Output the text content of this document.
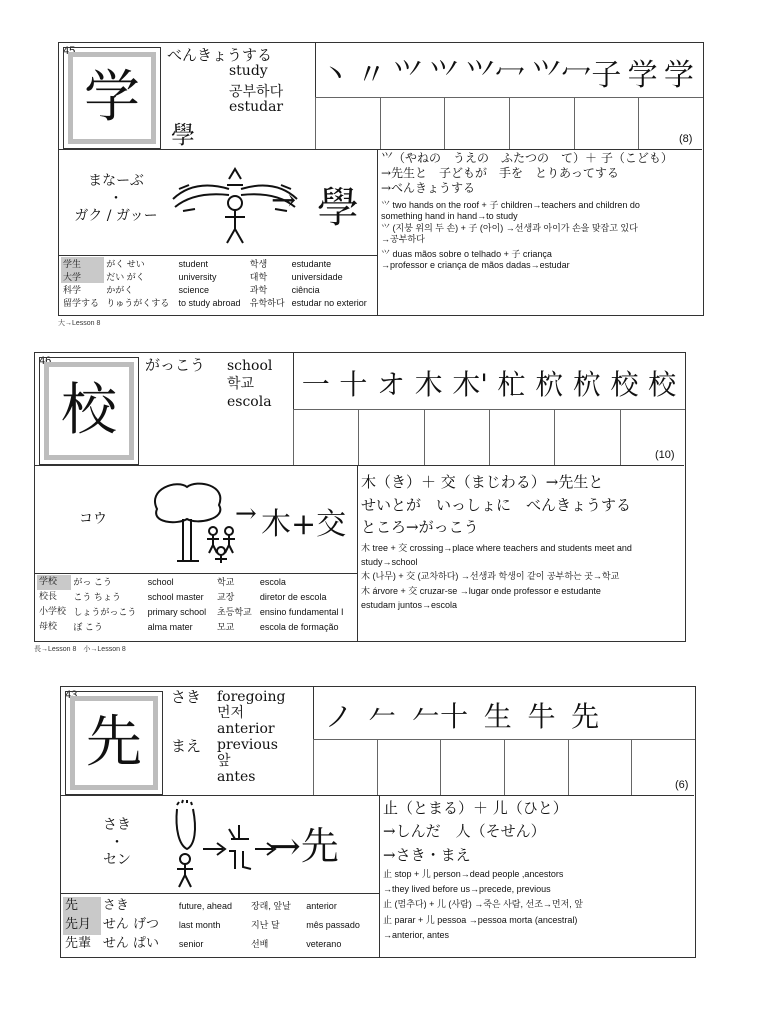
45
学
べんきょうする
study
공부하다
estudar
學
丶 〃 ⺍ 𭕄 ⺍冖 ⺍冖子 学 学
(8)
まなーぶ
・
ガク / ガッー	→ 學
⺍（やねの　うえの　ふたつの　て）＋ 子（こども）
→先生と　子どもが　手を　とりあってする
→べんきょうする
⺍ two hands on the roof + 子 children→teachers and children do
something hand in hand→to study
⺍ (지붕 위의 두 손) + 子 (아이) →선생과 아이가 손을 맞잡고 있다
→공부하다
⺍ duas mãos sobre o telhado + 子 criança
→professor e criança de mãos dadas→estudar
学生	がく せい	student	학생	estudante
大学	だい がく	university	대학	universidade
科学	かがく	science	과학	ciência
留学する	りゅうがくする	to study abroad	유학하다	estudar no exterior
大→Lesson 8
46
校
がっこう school
학교
escola
一 十 オ 木 木' 杧 柼 柼 校 校
(10)
コウ	→ 木+交
木（き）＋ 交（まじわる）→先生と
せいとが　いっしょに　べんきょうする
ところ→がっこう
木 tree + 交 crossing→place where teachers and students meet and
study→school
木 (나무) + 交 (교차하다) →선생과 학생이 같이 공부하는 곳→학교
木 árvore + 交 cruzar-se →lugar onde professor e estudante
estudam juntos→escola
学校	がっ こう	school	학교	escola
校長	こう ちょう	school master	교장	diretor de escola
小学校	しょうがっこう	primary school	초등학교	ensino fundamental I
母校	ぼ こう	alma mater	모교	escola de formação
長→Lesson 8　小→Lesson 8
43
先
さき
まえ
foregoing
먼저
anterior
previous
앞
antes
ノ 𠂉 𠂉十 生 牛 先
(6)
さき
・
セン	→先
止（とまる）＋ 儿（ひと）
→しんだ　人（そせん）
→さき・まえ
止 stop + 儿 person→dead people ,ancestors
→they lived before us→precede, previous
止 (멈추다) + 儿 (사람) →죽은 사람, 선조→먼저, 앞
止 parar + 儿 pessoa →pessoa morta (ancestral)
→anterior, antes
先	さき	future, ahead	장래, 앞날	anterior
先月	せん げつ	last month	지난 달	mês passado
先輩	せん ぱい	senior	선배	veterano
